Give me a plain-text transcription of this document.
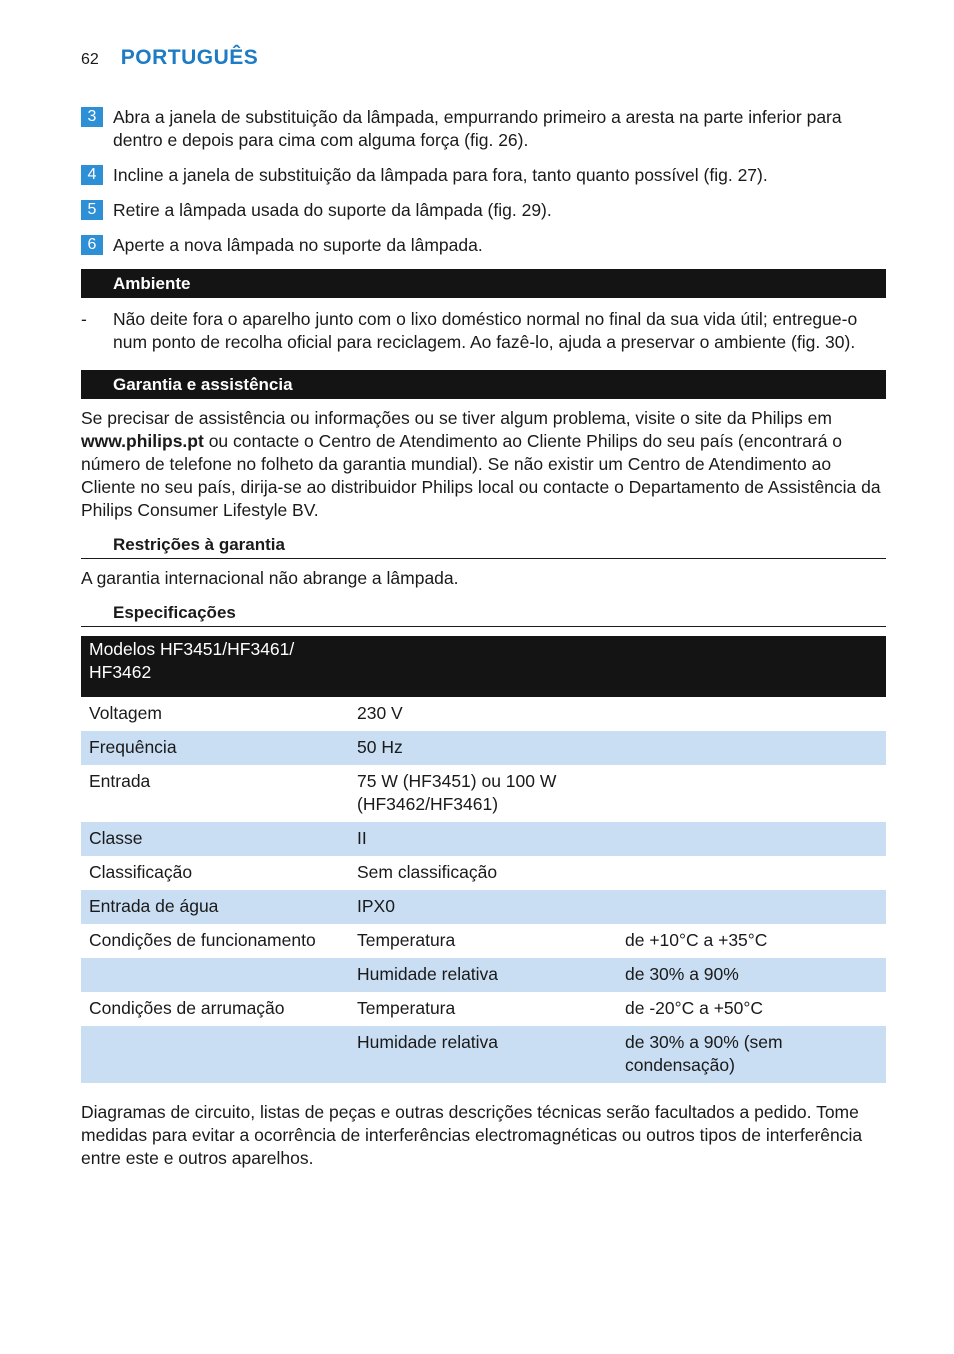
62 PORTUGUÊS
3 Abra a janela de substituição da lâmpada, empurrando primeiro a aresta na parte inferior para dentro e depois para cima com alguma força (fig. 26).
4 Incline a janela de substituição da lâmpada para fora, tanto quanto possível (fig. 27).
5 Retire a lâmpada usada do suporte da lâmpada (fig. 29).
6 Aperte a nova lâmpada no suporte da lâmpada.
Ambiente
-	Não deite fora o aparelho junto com o lixo doméstico normal no final da sua vida útil; entregue-o num ponto de recolha oficial para reciclagem. Ao fazê-lo, ajuda a preservar o ambiente (fig. 30).
Garantia e assistência
Se precisar de assistência ou informações ou se tiver algum problema, visite o site da Philips em www.philips.pt ou contacte o Centro de Atendimento ao Cliente Philips do seu país (encontrará o número de telefone no folheto da garantia mundial). Se não existir um Centro de Atendimento ao Cliente no seu país, dirija-se ao distribuidor Philips local ou contacte o Departamento de Assistência da Philips Consumer Lifestyle BV.
Restrições à garantia
A garantia internacional não abrange a lâmpada.
Especificações
Modelos HF3451/HF3461/ HF3462		
Voltagem	230 V	
Frequência	50 Hz	
Entrada	75 W (HF3451) ou 100 W (HF3462/HF3461)	
Classe	II	
Classificação	Sem classificação	
Entrada de água	IPX0	
Condições de funcionamento	Temperatura	de +10°C a +35°C
	Humidade relativa	de 30% a 90%
Condições de arrumação	Temperatura	de -20°C a +50°C
	Humidade relativa	de 30% a 90% (sem condensação)
Diagramas de circuito, listas de peças e outras descrições técnicas serão facultados a pedido. Tome medidas para evitar a ocorrência de interferências electromagnéticas ou outros tipos de interferência entre este e outros aparelhos.
